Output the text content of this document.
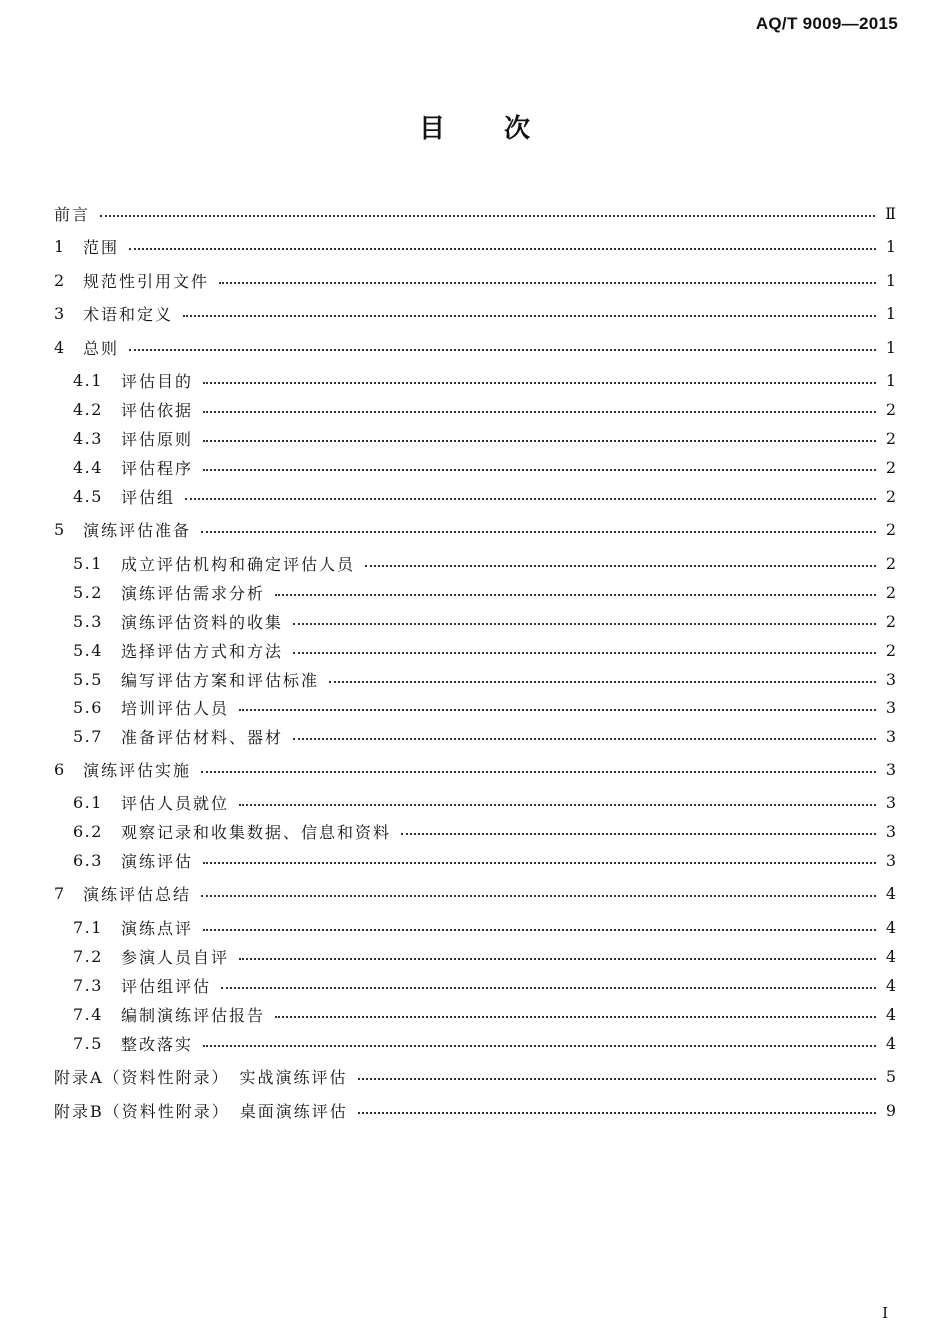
AQ/T 9009—2015
目 次
前言	Ⅱ
1	范围	1
2	规范性引用文件	1
3	术语和定义	1
4	总则	1
4.1	评估目的	1
4.2	评估依据	2
4.3	评估原则	2
4.4	评估程序	2
4.5	评估组	2
5	演练评估准备	2
5.1	成立评估机构和确定评估人员	2
5.2	演练评估需求分析	2
5.3	演练评估资料的收集	2
5.4	选择评估方式和方法	2
5.5	编写评估方案和评估标准	3
5.6	培训评估人员	3
5.7	准备评估材料、器材	3
6	演练评估实施	3
6.1	评估人员就位	3
6.2	观察记录和收集数据、信息和资料	3
6.3	演练评估	3
7	演练评估总结	4
7.1	演练点评	4
7.2	参演人员自评	4
7.3	评估组评估	4
7.4	编制演练评估报告	4
7.5	整改落实	4
附录A（资料性附录）　实战演练评估	5
附录B（资料性附录）　桌面演练评估	9
I
